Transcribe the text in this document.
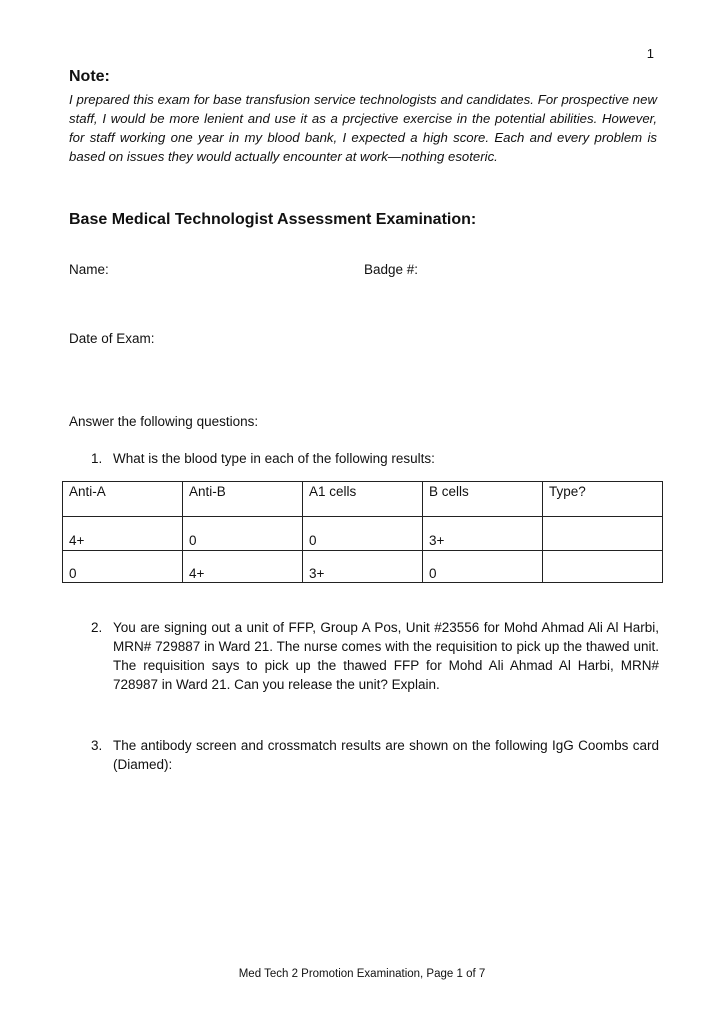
1
Note:
I prepared this exam for base transfusion service technologists and candidates. For prospective new staff, I would be more lenient and use it as a prcjective exercise in the potential abilities. However, for staff working one year in my blood bank, I expected a high score. Each and every problem is based on issues they would actually encounter at work—nothing esoteric.
Base Medical Technologist Assessment Examination:
Name:	Badge #:
Date of Exam:
Answer the following questions:
1. What is the blood type in each of the following results:
Anti-A	Anti-B	A1 cells	B cells	Type?
4+	0	0	3+	
0	4+	3+	0	
2. You are signing out a unit of FFP, Group A Pos, Unit #23556 for Mohd Ahmad Ali Al Harbi, MRN# 729887 in Ward 21. The nurse comes with the requisition to pick up the thawed unit. The requisition says to pick up the thawed FFP for Mohd Ali Ahmad Al Harbi, MRN# 728987 in Ward 21. Can you release the unit? Explain.
3. The antibody screen and crossmatch results are shown on the following IgG Coombs card (Diamed):
Med Tech 2 Promotion Examination, Page 1 of 7
